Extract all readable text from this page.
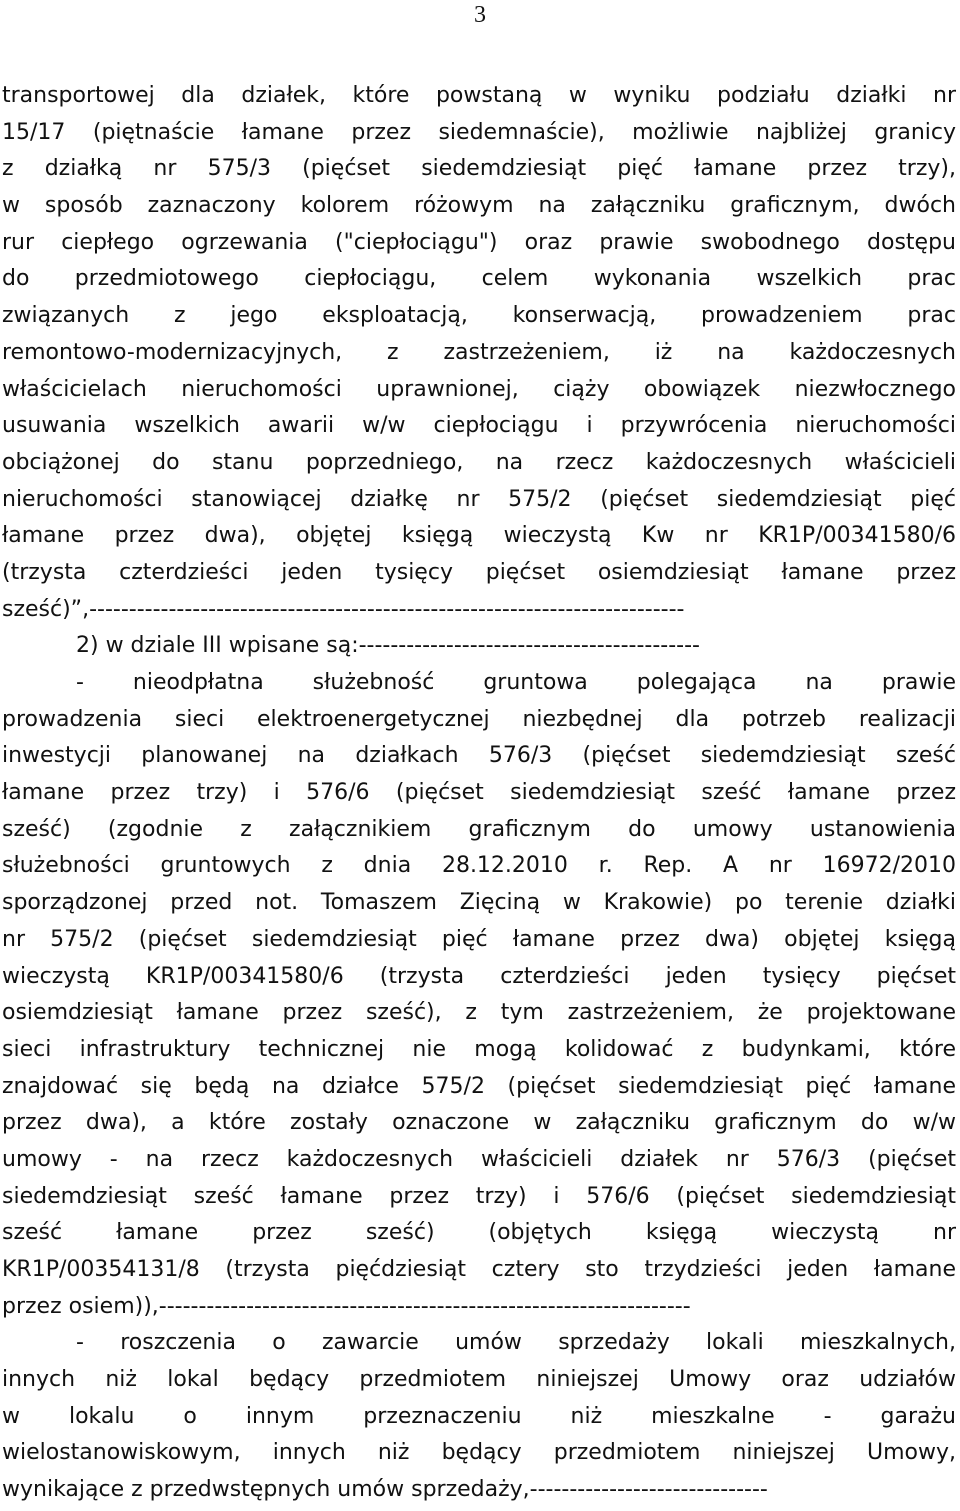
3
transportowej dla działek, które powstaną w wyniku podziału działki nr
15/17 (piętnaście łamane przez siedemnaście), możliwie najbliżej granicy
z działką nr 575/3 (pięćset siedemdziesiąt pięć łamane przez trzy),
w sposób zaznaczony kolorem różowym na załączniku graficznym, dwóch
rur ciepłego ogrzewania ("ciepłociągu") oraz prawie swobodnego dostępu
do przedmiotowego ciepłociągu, celem wykonania wszelkich prac
związanych z jego eksploatacją, konserwacją, prowadzeniem prac
remontowo-modernizacyjnych, z zastrzeżeniem, iż na każdoczesnych
właścicielach nieruchomości uprawnionej, ciąży obowiązek niezwłocznego
usuwania wszelkich awarii w/w ciepłociągu i przywrócenia nieruchomości
obciążonej do stanu poprzedniego, na rzecz każdoczesnych właścicieli
nieruchomości stanowiącej działkę nr 575/2 (pięćset siedemdziesiąt pięć
łamane przez dwa), objętej księgą wieczystą Kw nr KR1P/00341580/6
(trzysta czterdzieści jeden tysięcy pięćset osiemdziesiąt łamane przez
sześć)”,---------------------------------------------------------------------------
2) w dziale III wpisane są:-------------------------------------------
- nieodpłatna służebność gruntowa polegająca na prawie
prowadzenia sieci elektroenergetycznej niezbędnej dla potrzeb realizacji
inwestycji planowanej na działkach 576/3 (pięćset siedemdziesiąt sześć
łamane przez trzy) i 576/6 (pięćset siedemdziesiąt sześć łamane przez
sześć) (zgodnie z załącznikiem graficznym do umowy ustanowienia
służebności gruntowych z dnia 28.12.2010 r. Rep. A nr 16972/2010
sporządzonej przed not. Tomaszem Zięciną w Krakowie) po terenie działki
nr 575/2 (pięćset siedemdziesiąt pięć łamane przez dwa) objętej księgą
wieczystą KR1P/00341580/6 (trzysta czterdzieści jeden tysięcy pięćset
osiemdziesiąt łamane przez sześć), z tym zastrzeżeniem, że projektowane
sieci infrastruktury technicznej nie mogą kolidować z budynkami, które
znajdować się będą na działce 575/2 (pięćset siedemdziesiąt pięć łamane
przez dwa), a które zostały oznaczone w załączniku graficznym do w/w
umowy - na rzecz każdoczesnych właścicieli działek nr 576/3 (pięćset
siedemdziesiąt sześć łamane przez trzy) i 576/6 (pięćset siedemdziesiąt
sześć łamane przez sześć) (objętych księgą wieczystą nr
KR1P/00354131/8 (trzysta pięćdziesiąt cztery sto trzydzieści jeden łamane
przez osiem)),-------------------------------------------------------------------
- roszczenia o zawarcie umów sprzedaży lokali mieszkalnych,
innych niż lokal będący przedmiotem niniejszej Umowy oraz udziałów
w lokalu o innym przeznaczeniu niż mieszkalne - garażu
wielostanowiskowym, innych niż będący przedmiotem niniejszej Umowy,
wynikające z przedwstępnych umów sprzedaży,------------------------------
